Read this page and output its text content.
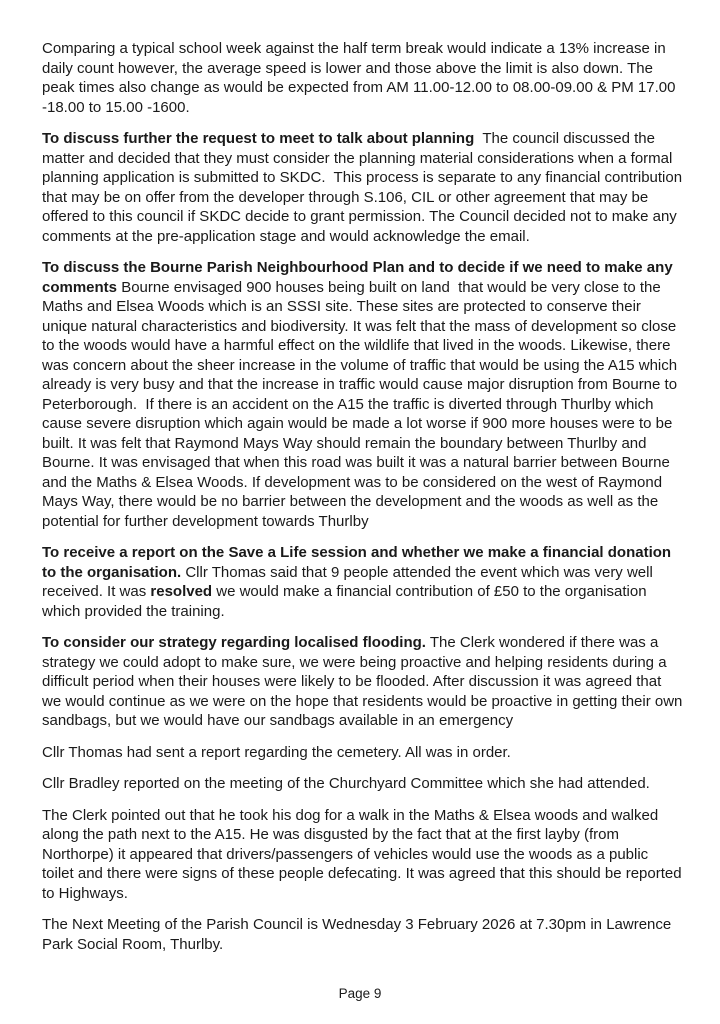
Comparing a typical school week against the half term break would indicate a 13% increase in daily count however, the average speed is lower and those above the limit is also down. The peak times also change as would be expected from AM 11.00-12.00 to 08.00-09.00 & PM 17.00 -18.00 to 15.00 -1600.

To discuss further the request to meet to talk about planning  The council discussed the matter and decided that they must consider the planning material considerations when a formal planning application is submitted to SKDC.  This process is separate to any financial contribution that may be on offer from the developer through S.106, CIL or other agreement that may be offered to this council if SKDC decide to grant permission. The Council decided not to make any comments at the pre-application stage and would acknowledge the email.

To discuss the Bourne Parish Neighbourhood Plan and to decide if we need to make any comments Bourne envisaged 900 houses being built on land  that would be very close to the Maths and Elsea Woods which is an SSSI site. These sites are protected to conserve their unique natural characteristics and biodiversity. It was felt that the mass of development so close to the woods would have a harmful effect on the wildlife that lived in the woods. Likewise, there was concern about the sheer increase in the volume of traffic that would be using the A15 which already is very busy and that the increase in traffic would cause major disruption from Bourne to Peterborough.  If there is an accident on the A15 the traffic is diverted through Thurlby which cause severe disruption which again would be made a lot worse if 900 more houses were to be built. It was felt that Raymond Mays Way should remain the boundary between Thurlby and Bourne. It was envisaged that when this road was built it was a natural barrier between Bourne and the Maths & Elsea Woods. If development was to be considered on the west of Raymond Mays Way, there would be no barrier between the development and the woods as well as the potential for further development towards Thurlby

To receive a report on the Save a Life session and whether we make a financial donation to the organisation. Cllr Thomas said that 9 people attended the event which was very well received. It was resolved we would make a financial contribution of £50 to the organisation which provided the training.

To consider our strategy regarding localised flooding. The Clerk wondered if there was a strategy we could adopt to make sure, we were being proactive and helping residents during a difficult period when their houses were likely to be flooded. After discussion it was agreed that we would continue as we were on the hope that residents would be proactive in getting their own sandbags, but we would have our sandbags available in an emergency

Cllr Thomas had sent a report regarding the cemetery. All was in order.

Cllr Bradley reported on the meeting of the Churchyard Committee which she had attended.

The Clerk pointed out that he took his dog for a walk in the Maths & Elsea woods and walked along the path next to the A15. He was disgusted by the fact that at the first layby (from Northorpe) it appeared that drivers/passengers of vehicles would use the woods as a public toilet and there were signs of these people defecating. It was agreed that this should be reported to Highways.

The Next Meeting of the Parish Council is Wednesday 3 February 2026 at 7.30pm in Lawrence Park Social Room, Thurlby.

Page 9
